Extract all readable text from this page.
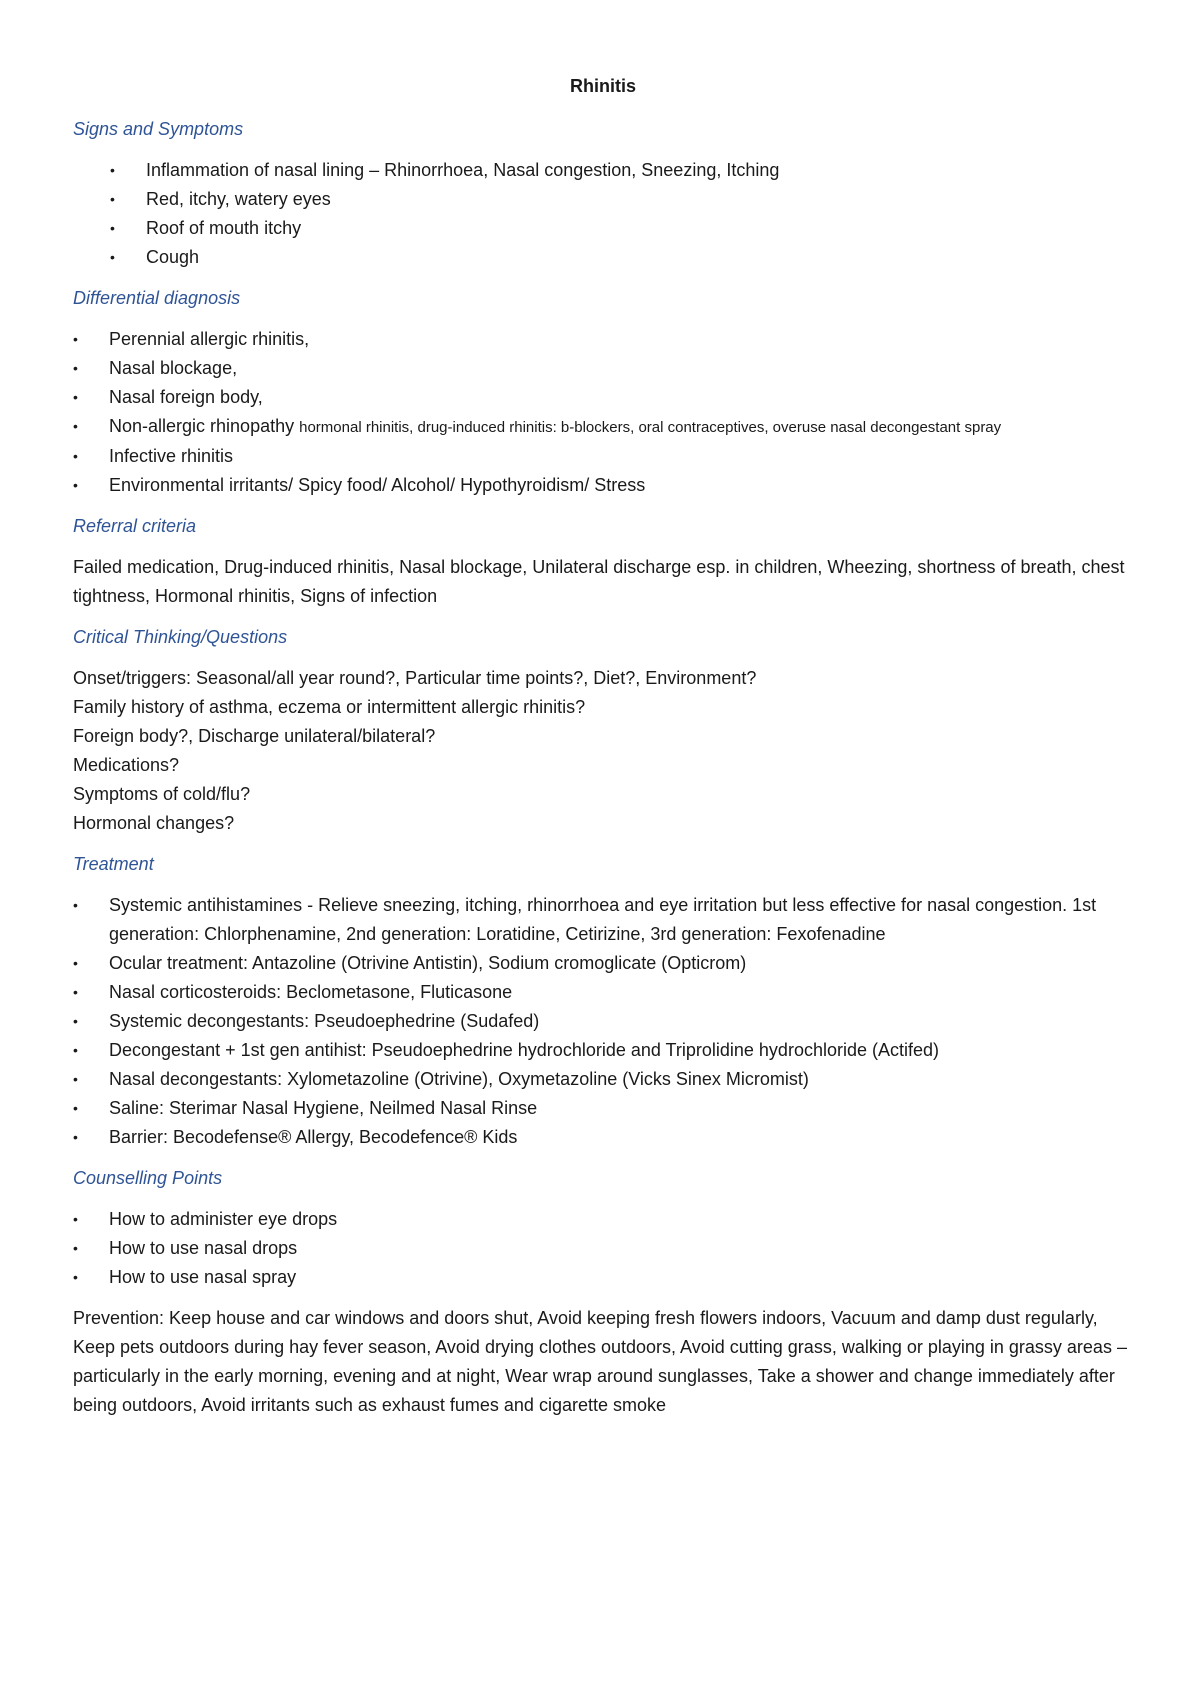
Rhinitis
Signs and Symptoms
•	Inflammation of nasal lining – Rhinorrhoea, Nasal congestion, Sneezing, Itching
•	Red, itchy, watery eyes
•	Roof of mouth itchy
•	Cough
Differential diagnosis
•	Perennial allergic rhinitis,
•	Nasal blockage,
•	Nasal foreign body,
•	Non-allergic rhinopathy hormonal rhinitis, drug-induced rhinitis: b-blockers, oral contraceptives, overuse nasal decongestant spray
•	Infective rhinitis
•	Environmental irritants/ Spicy food/ Alcohol/ Hypothyroidism/ Stress
Referral criteria

Failed medication, Drug-induced rhinitis, Nasal blockage, Unilateral discharge esp. in children, Wheezing, shortness of breath, chest tightness, Hormonal rhinitis, Signs of infection

Critical Thinking/Questions

Onset/triggers: Seasonal/all year round?, Particular time points?, Diet?, Environment?

Family history of asthma, eczema or intermittent allergic rhinitis?

Foreign body?, Discharge unilateral/bilateral?

Medications?

Symptoms of cold/flu?

Hormonal changes?

Treatment
•	Systemic antihistamines - Relieve sneezing, itching, rhinorrhoea and eye irritation but less effective for nasal congestion. 1st generation: Chlorphenamine, 2nd generation: Loratidine, Cetirizine, 3rd generation: Fexofenadine
•	Ocular treatment: Antazoline (Otrivine Antistin), Sodium cromoglicate (Opticrom)
•	Nasal corticosteroids: Beclometasone, Fluticasone
•	Systemic decongestants: Pseudoephedrine (Sudafed)
•	Decongestant + 1st gen antihist: Pseudoephedrine hydrochloride and Triprolidine hydrochloride (Actifed)
•	Nasal decongestants: Xylometazoline (Otrivine), Oxymetazoline (Vicks Sinex Micromist)
•	Saline: Sterimar Nasal Hygiene, Neilmed Nasal Rinse
•	Barrier: Becodefense® Allergy, Becodefence® Kids
Counselling Points
•	How to administer eye drops
•	How to use nasal drops
•	How to use nasal spray

Prevention: Keep house and car windows and doors shut, Avoid keeping fresh flowers indoors, Vacuum and damp dust regularly, Keep pets outdoors during hay fever season, Avoid drying clothes outdoors, Avoid cutting grass, walking or playing in grassy areas – particularly in the early morning, evening and at night, Wear wrap around sunglasses, Take a shower and change immediately after being outdoors, Avoid irritants such as exhaust fumes and cigarette smoke
